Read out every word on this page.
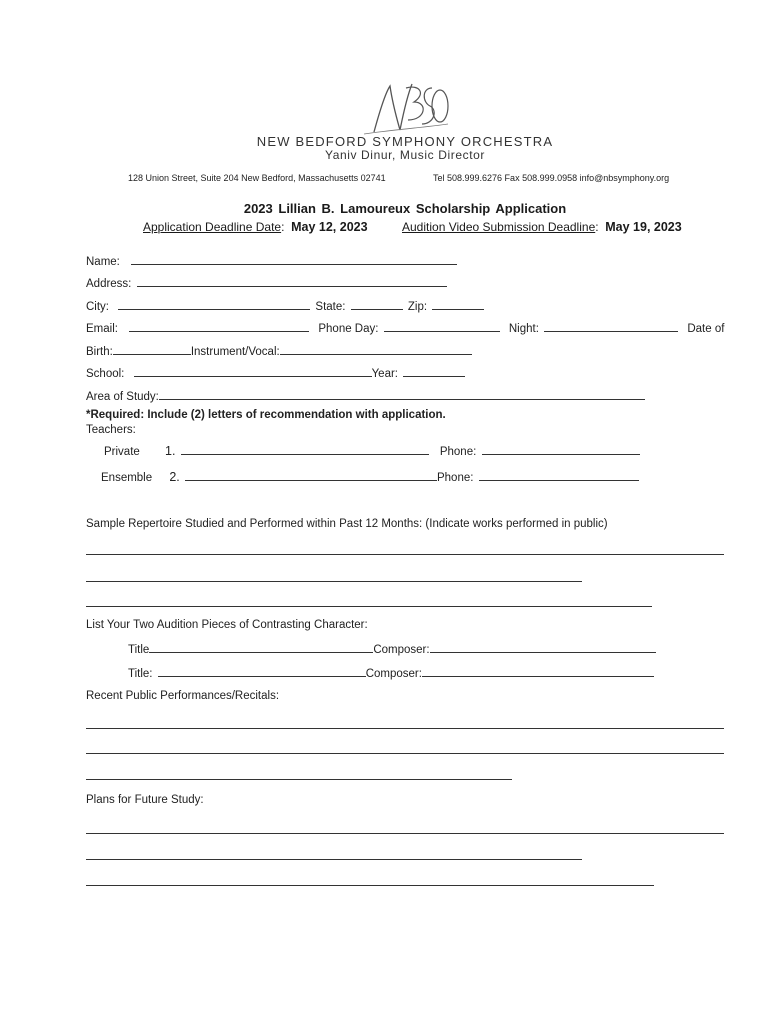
NEW BEDFORD SYMPHONY ORCHESTRA
Yaniv Dinur, Music Director
128 Union Street, Suite 204 New Bedford, Massachusetts 02741	Tel 508.999.6276 Fax 508.999.0958 info@nbsymphony.org
2023 Lillian B. Lamoureux Scholarship Application
Application Deadline Date:  May 12, 2023	Audition Video Submission Deadline:  May 19, 2023
Name:
Address:
City:	State:	Zip:
Email:	Phone Day:	Night:	Date of
Birth:	Instrument/Vocal:
School:	Year:
Area of Study:
*Required: Include (2) letters of recommendation with application.
Teachers:
Private 1.	Phone:
Ensemble 2.	Phone:
Sample Repertoire Studied and Performed within Past 12 Months: (Indicate works performed in public)
List Your Two Audition Pieces of Contrasting Character:
Title	Composer:
Title:	Composer:
Recent Public Performances/Recitals:
Plans for Future Study:
